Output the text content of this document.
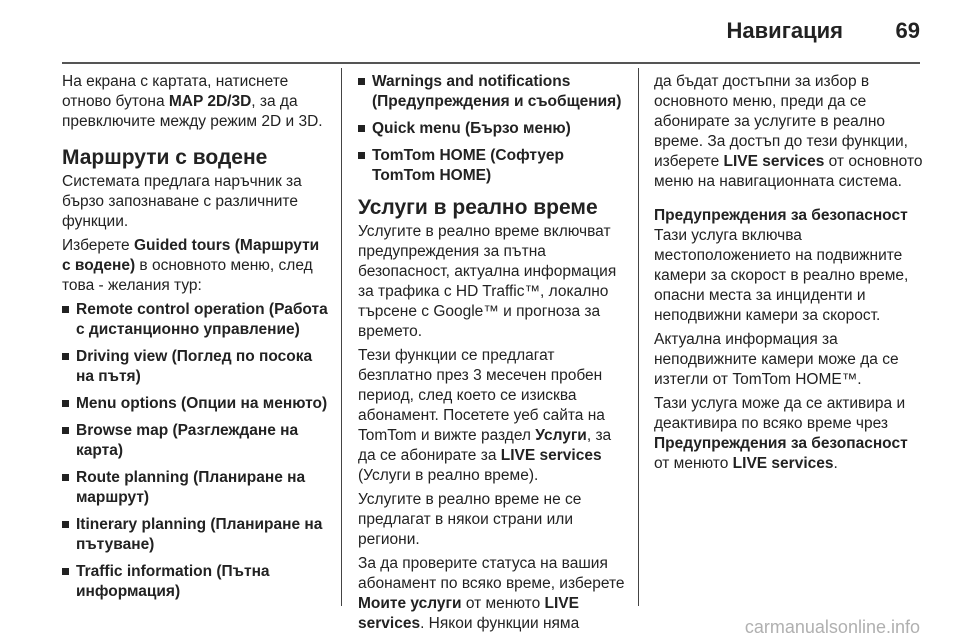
Навигация 69

На екрана с картата, натиснете отново бутона MAP 2D/3D, за да превключите между режим 2D и 3D.

Маршрути с водене

Системата предлага наръчник за бързо запознаване с различните функции.

Изберете Guided tours (Маршрути с водене) в основното меню, след това - желания тур:

Remote control operation (Работа с дистанционно управление)
Driving view (Поглед по посока на пътя)
Menu options (Опции на менюто)
Browse map (Разглеждане на карта)
Route planning (Планиране на маршрут)
Itinerary planning (Планиране на пътуване)
Traffic information (Пътна информация)
Warnings and notifications (Предупреждения и съобщения)
Quick menu (Бързо меню)
TomTom HOME (Софтуер TomTom HOME)
Услуги в реално време

Услугите в реално време включват предупреждения за пътна безопасност, актуална информация за трафика с HD Traffic™, локално търсене с Google™ и прогноза за времето.

Тези функции се предлагат безплатно през 3 месечен пробен период, след което се изисква абонамент. Посетете уеб сайта на TomTom и вижте раздел Услуги, за да се абонирате за LIVE services (Услуги в реално време).

Услугите в реално време не се предлагат в някои страни или региони.

За да проверите статуса на вашия абонамент по всяко време, изберете Моите услуги от менюто LIVE services. Някои функции няма

да бъдат достъпни за избор в основното меню, преди да се абонирате за услугите в реално време. За достъп до тези функции, изберете LIVE services от основното меню на навигационната система.

Предупреждения за безопасност

Тази услуга включва местоположението на подвижните камери за скорост в реално време, опасни места за инциденти и неподвижни камери за скорост.

Актуална информация за неподвижните камери може да се изтегли от TomTom HOME™.

Тази услуга може да се активира и деактивира по всяко време чрез Предупреждения за безопасност от менюто LIVE services.

carmanualsonline.info
